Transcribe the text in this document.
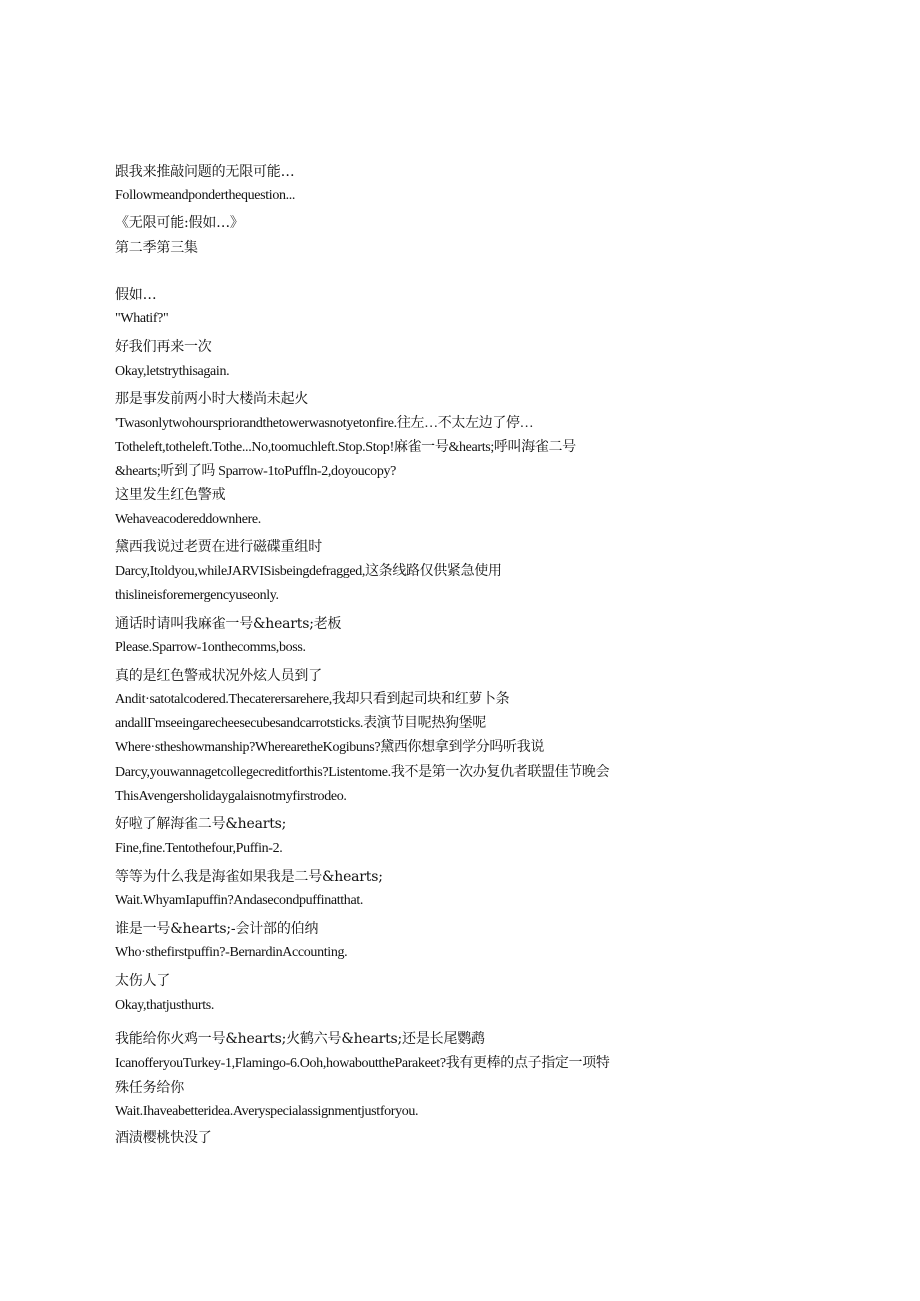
跟我来推敲问题的无限可能…
Followmeandponderthequestion...
《无限可能:假如…》
第二季第三集
假如…
"Whatif?"
好我们再来一次
Okay,letstrythisagain.
那是事发前两小时大楼尚未起火
'Twasonlytwohourspriorandthetowerwasnotyetonfire.往左…不太左边了停…
Totheleft,totheleft.Tothe...No,toomuchleft.Stop.Stop!麻雀一号&hearts;呼叫海雀二号
&hearts;听到了吗 Sparrow-1toPuffln-2,doyoucopy?
这里发生红色警戒
Wehaveacodereddownhere.
黛西我说过老贾在进行磁碟重组时
Darcy,Itoldyou,whileJARVISisbeingdefragged,这条线路仅供紧急使用
thislineisforemergencyuseonly.
通话时请叫我麻雀一号&hearts;老板
Please.Sparrow-1onthecomms,boss.
真的是红色警戒状况外炫人员到了
Andit·satotalcodered.Thecaterersarehere,我却只看到起司块和红萝卜条
andallΓmseeingarecheesecubesandcarrotsticks.表演节目呢热狗堡呢
Where·stheshowmanship?WherearetheKogibuns?黛西你想拿到学分吗听我说
Darcy,youwannagetcollegecreditforthis?Listentome.我不是第一次办复仇者联盟佳节晚会
ThisAvengersholidaygalaisnotmyfirstrodeo.
好啦了解海雀二号&hearts;
Fine,fine.Tentothefour,Puffin-2.
等等为什么我是海雀如果我是二号&hearts;
Wait.WhyamIapuffin?Andasecondpuffinatthat.
谁是一号&hearts;-会计部的伯纳
Who·sthefirstpuffin?-BernardinAccounting.
太伤人了
Okay,thatjusthurts.
我能给你火鸡一号&hearts;火鹤六号&hearts;还是长尾鹦鹉
IcanofferyouTurkey-1,Flamingo-6.Ooh,howabouttheParakeet?我有更棒的点子指定一项特
殊任务给你
Wait.Ihaveabetteridea.Averyspecialassignmentjustforyou.
酒渍樱桃快没了
